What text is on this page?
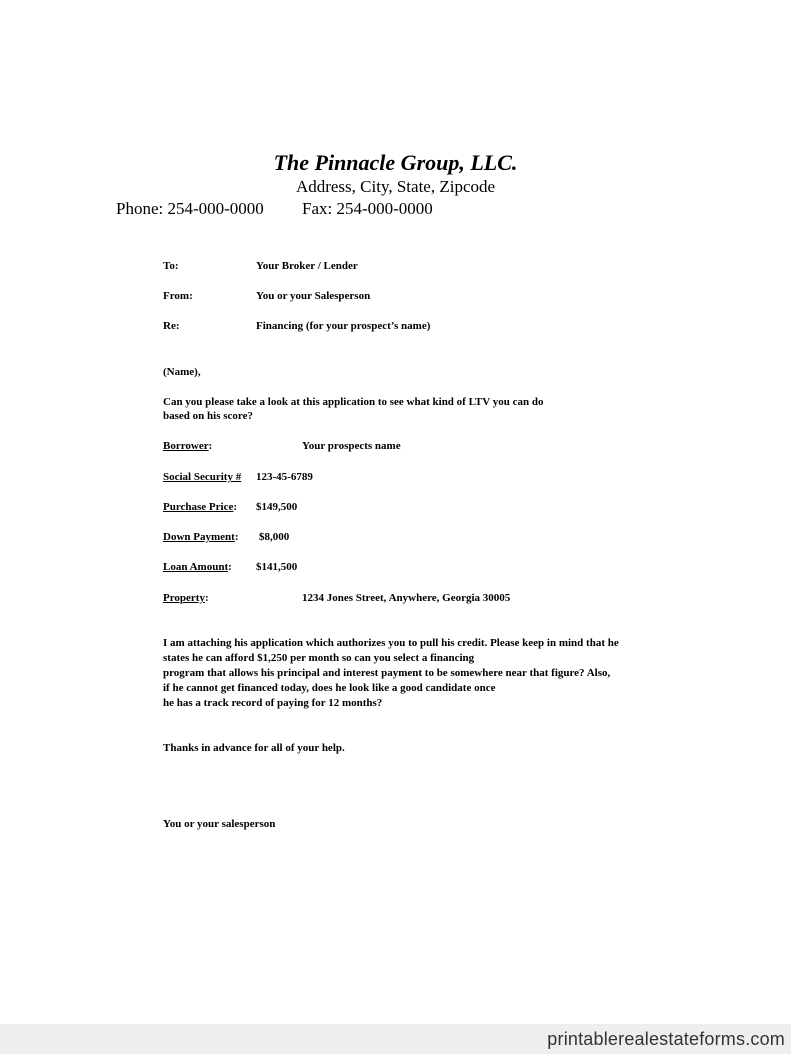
The Pinnacle Group, LLC.
Address, City, State, Zipcode
Phone: 254-000-0000 Fax: 254-000-0000
To:	Your Broker / Lender
From:	You or your Salesperson
Re:	Financing (for your prospect’s name)
(Name),
Can you please take a look at this application to see what kind of LTV you can do
based on his score?
Borrower:	Your prospects name
Social Security # 123-45-6789
Purchase Price: $149,500
Down Payment: $8,000
Loan Amount: $141,500
Property:	1234 Jones Street, Anywhere, Georgia 30005
I am attaching his application which authorizes you to pull his credit. Please keep in mind that he
states he can afford $1,250 per month so can you select a financing
program that allows his principal and interest payment to be somewhere near that figure? Also,
if he cannot get financed today, does he look like a good candidate once
he has a track record of paying for 12 months?
Thanks in advance for all of your help.
You or your salesperson
printablerealestateforms.com
